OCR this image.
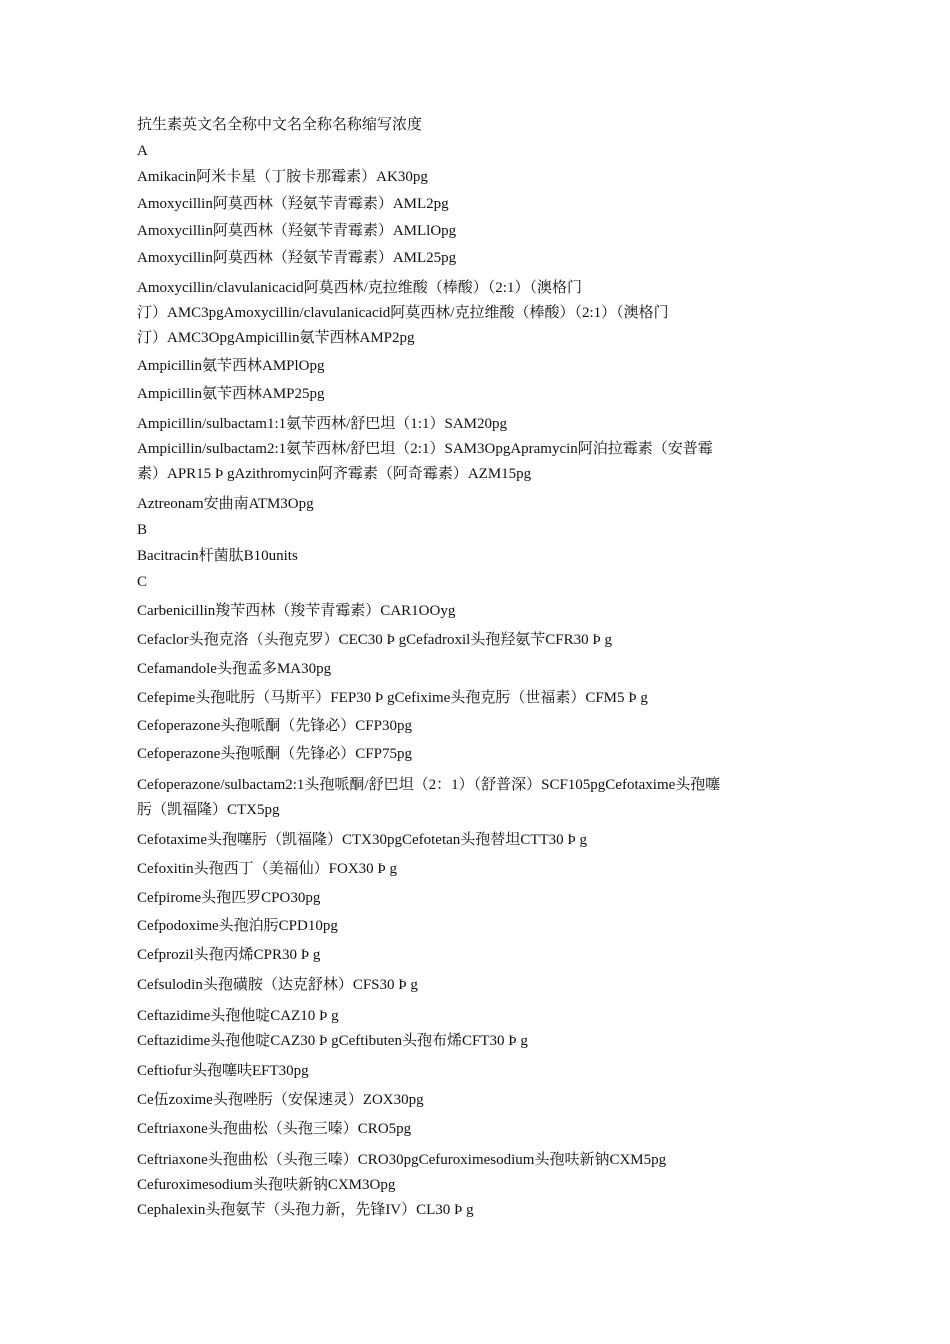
抗生素英文名全称中文名全称名称缩写浓度

A

Amikacin阿米卡星（丁胺卡那霉素）AK30pg

Amoxycillin阿莫西林（羟氨苄青霉素）AML2pg

Amoxycillin阿莫西林（羟氨苄青霉素）AMLlOpg

Amoxycillin阿莫西林（羟氨苄青霉素）AML25pg

Amoxycillin/clavulanicacid阿莫西林/克拉维酸（棒酸）（2:1）（澳格门

汀）AMC3pgAmoxycillin/clavulanicacid阿莫西林/克拉维酸（棒酸）（2:1）（澳格门

汀）AMC3OpgAmpicillin氨苄西林AMP2pg

Ampicillin氨苄西林AMPlOpg

Ampicillin氨苄西林AMP25pg

Ampicillin/sulbactam1:1氨苄西林/舒巴坦（1:1）SAM20pg

Ampicillin/sulbactam2:1氨苄西林/舒巴坦（2:1）SAM3OpgApramycin阿泊拉霉素（安普霉

素）APR15 Þ gAzithromycin阿齐霉素（阿奇霉素）AZM15pg

Aztreonam安曲南ATM3Opg

B

Bacitracin杆菌肽B10units

C

Carbenicillin羧苄西林（羧苄青霉素）CAR1OOyg

Cefaclor头孢克洛（头孢克罗）CEC30 Þ gCefadroxil头孢羟氨苄CFR30 Þ g

Cefamandole头孢孟多MA30pg

Cefepime头孢吡肟（马斯平）FEP30 Þ gCefixime头孢克肟（世福素）CFM5 Þ g

Cefoperazone头孢哌酮（先锋必）CFP30pg

Cefoperazone头孢哌酮（先锋必）CFP75pg

Cefoperazone/sulbactam2:1头孢哌酮/舒巴坦（2：1）（舒普深）SCF105pgCefotaxime头孢噻

肟（凯福隆）CTX5pg

Cefotaxime头孢噻肟（凯福隆）CTX30pgCefotetan头孢替坦CTT30 Þ g

Cefoxitin头孢西丁（美福仙）FOX30 Þ g

Cefpirome头孢匹罗CPO30pg

Cefpodoxime头孢泊肟CPD10pg

Cefprozil头孢丙烯CPR30 Þ g

Cefsulodin头孢磺胺（达克舒林）CFS30 Þ g

Ceftazidime头孢他啶CAZ10 Þ g

Ceftazidime头孢他啶CAZ30 Þ gCeftibuten头孢布烯CFT30 Þ g

Ceftiofur头孢噻呋EFT30pg

Ce伍zoxime头孢唑肟（安保速灵）ZOX30pg

Ceftriaxone头孢曲松（头孢三嗪）CRO5pg

Ceftriaxone头孢曲松（头孢三嗪）CRO30pgCefuroximesodium头孢呋新钠CXM5pg

Cefuroximesodium头孢呋新钠CXM3Opg

Cephalexin头孢氨苄（头孢力新，先锋IV）CL30 Þ g
